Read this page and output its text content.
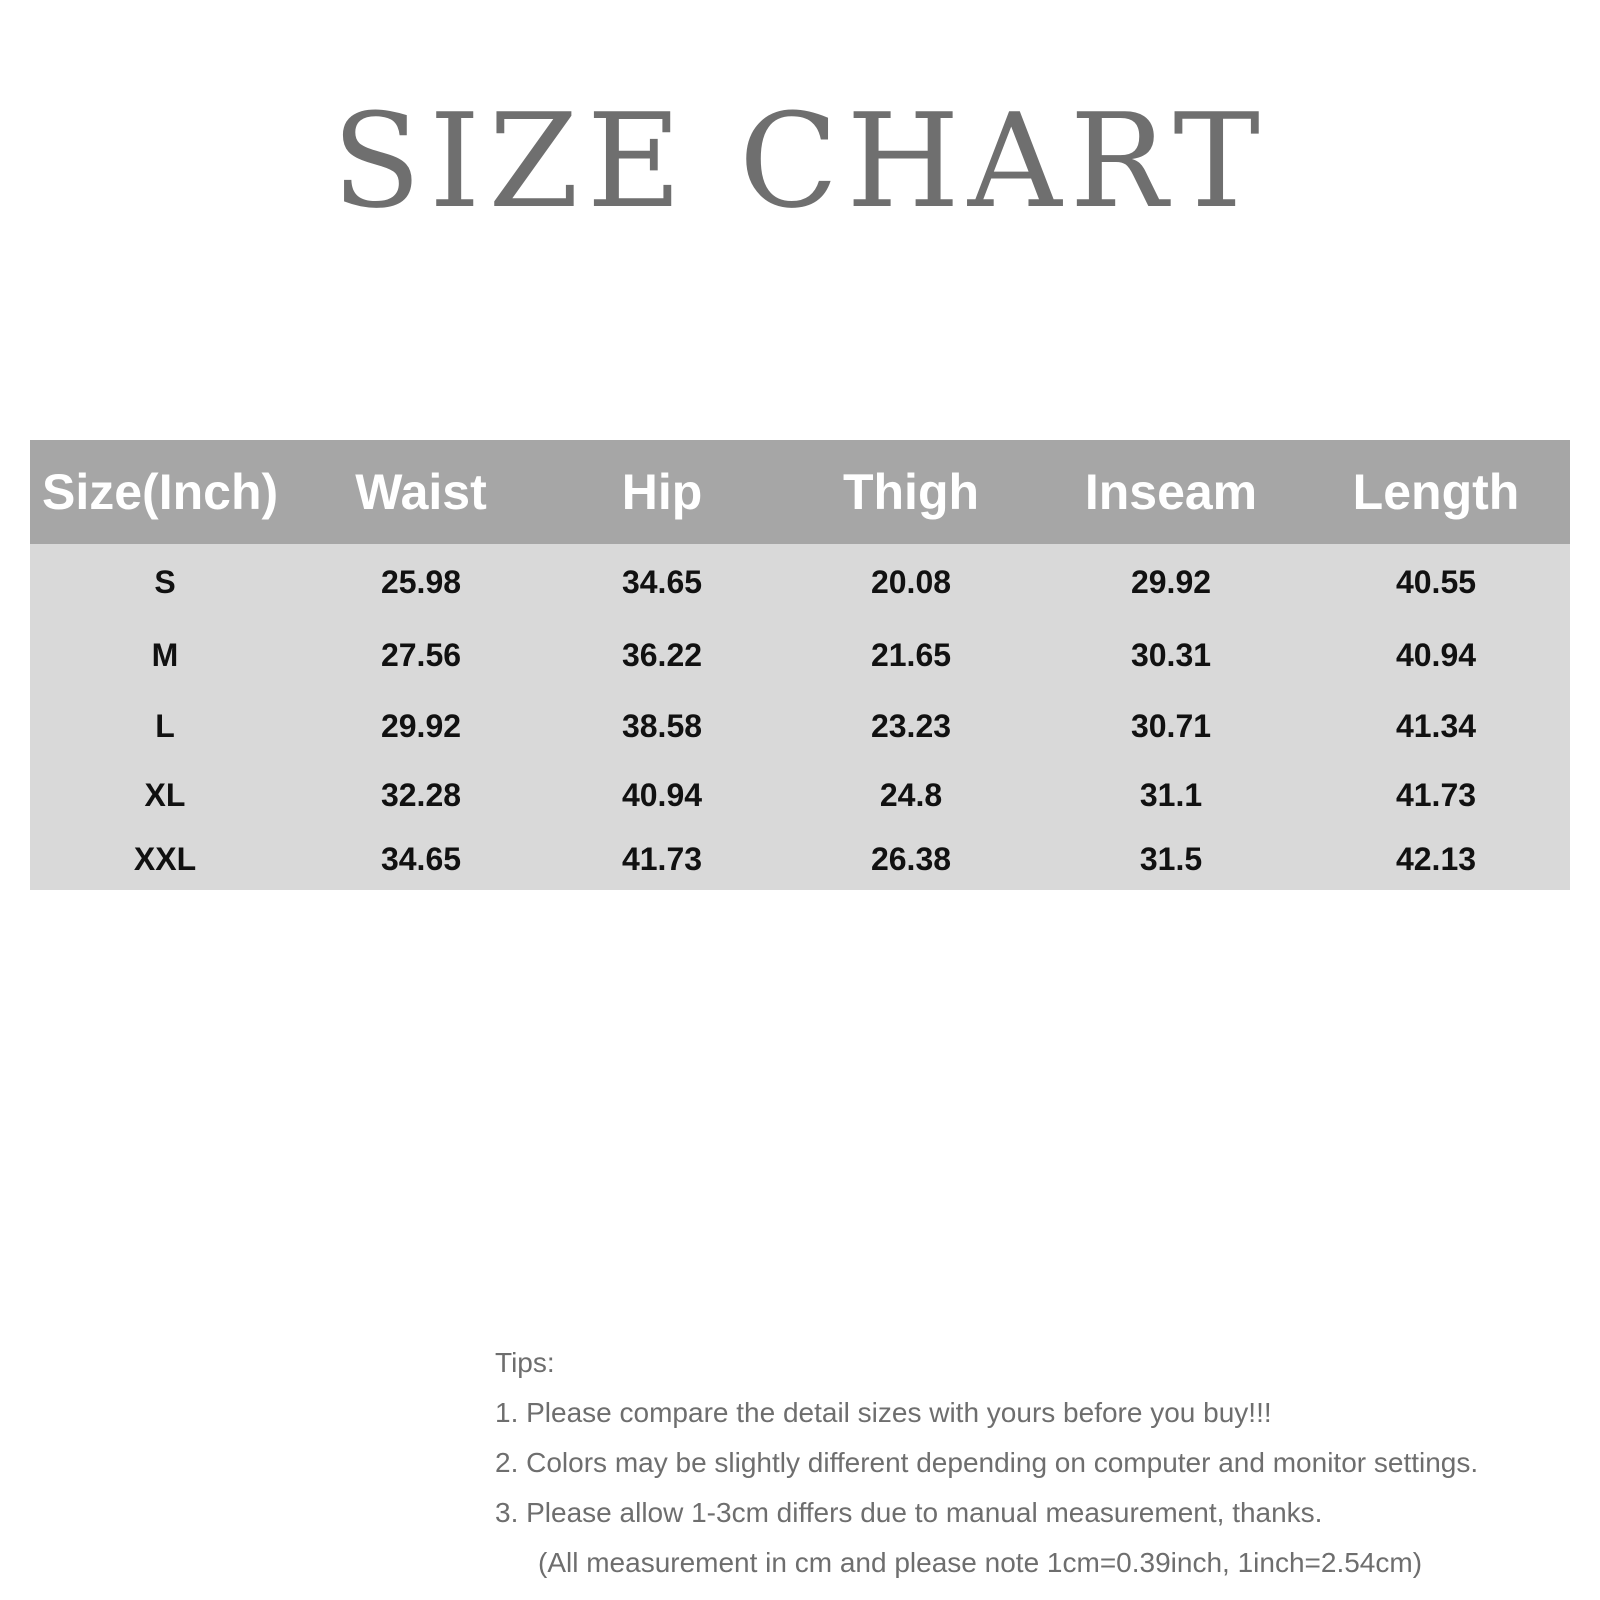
SIZE CHART
Size(Inch)	Waist	Hip	Thigh	Inseam	Length
S	25.98	34.65	20.08	29.92	40.55
M	27.56	36.22	21.65	30.31	40.94
L	29.92	38.58	23.23	30.71	41.34
XL	32.28	40.94	24.8	31.1	41.73
XXL	34.65	41.73	26.38	31.5	42.13
Tips:
1. Please compare the detail sizes with yours before you buy!!!
2. Colors may be slightly different depending on computer and monitor settings.
3. Please allow 1-3cm differs due to manual measurement, thanks.
(All measurement in cm and please note 1cm=0.39inch, 1inch=2.54cm)
